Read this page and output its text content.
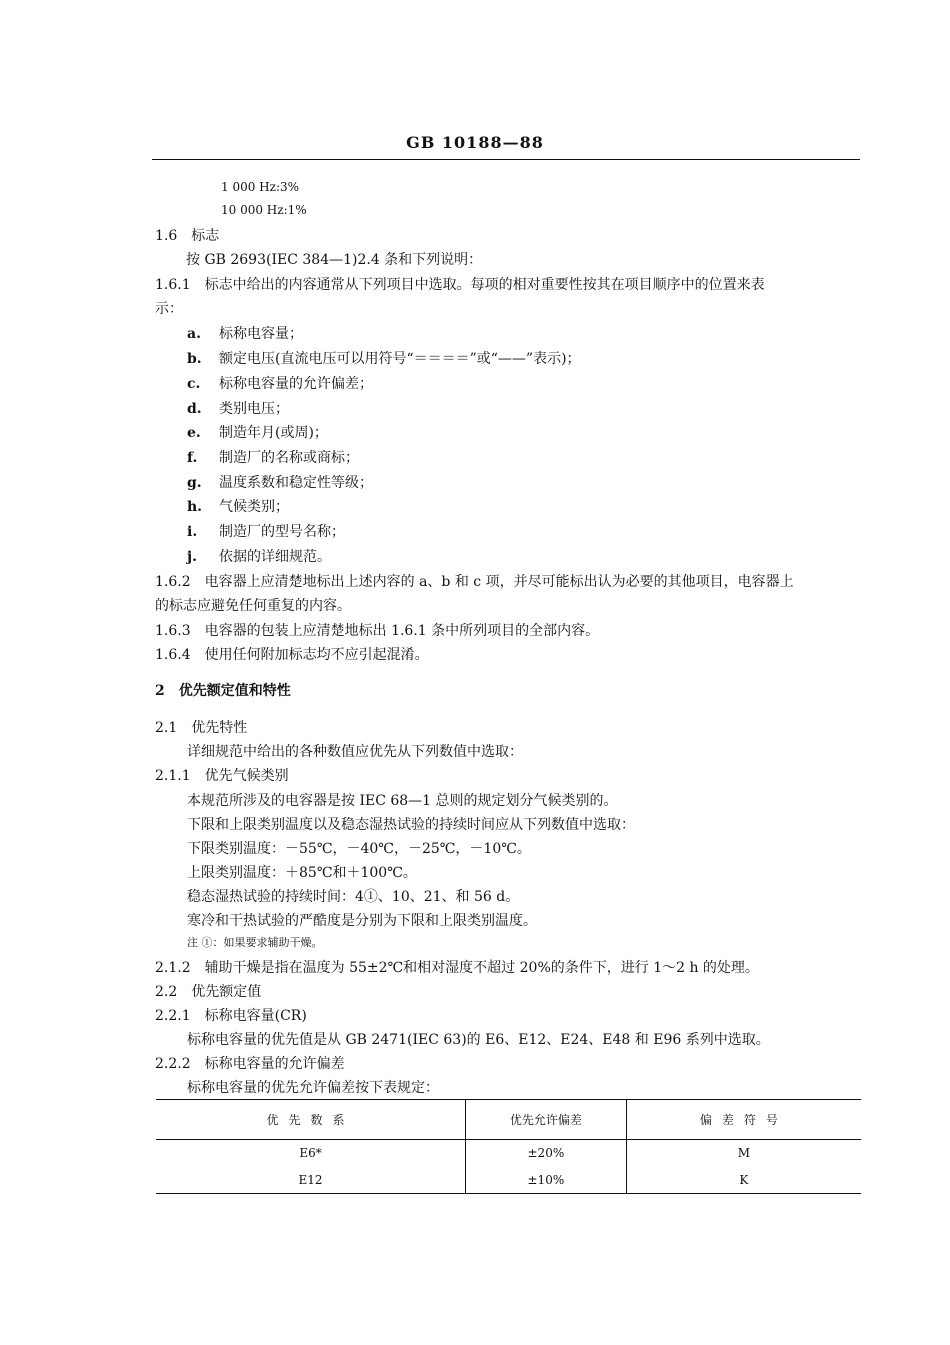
GB 10188—88
1 000 Hz:3%
10 000 Hz:1%
1.6　标志
按 GB 2693(IEC 384—1)2.4 条和下列说明：
1.6.1　标志中给出的内容通常从下列项目中选取。每项的相对重要性按其在项目顺序中的位置来表
示：
a. 标称电容量；
b. 额定电压(直流电压可以用符号“＝＝＝＝”或“——”表示)；
c. 标称电容量的允许偏差；
d. 类别电压；
e. 制造年月(或周)；
f. 制造厂的名称或商标；
g. 温度系数和稳定性等级；
h. 气候类别；
i. 制造厂的型号名称；
j. 依据的详细规范。
1.6.2　电容器上应清楚地标出上述内容的 a、b 和 c 项，并尽可能标出认为必要的其他项目，电容器上
的标志应避免任何重复的内容。
1.6.3　电容器的包装上应清楚地标出 1.6.1 条中所列项目的全部内容。
1.6.4　使用任何附加标志均不应引起混淆。
2　优先额定值和特性
2.1　优先特性
详细规范中给出的各种数值应优先从下列数值中选取：
2.1.1　优先气候类别
本规范所涉及的电容器是按 IEC 68—1 总则的规定划分气候类别的。
下限和上限类别温度以及稳态湿热试验的持续时间应从下列数值中选取：
下限类别温度：－55℃，－40℃，－25℃，－10℃。
上限类别温度：＋85℃和＋100℃。
稳态湿热试验的持续时间：4①、10、21、和 56 d。
寒冷和干热试验的严酷度是分别为下限和上限类别温度。
注 ①：如果要求辅助干燥。
2.1.2　辅助干燥是指在温度为 55±2℃和相对湿度不超过 20%的条件下，进行 1～2 h 的处理。
2.2　优先额定值
2.2.1　标称电容量(CR)
标称电容量的优先值是从 GB 2471(IEC 63)的 E6、E12、E24、E48 和 E96 系列中选取。
2.2.2　标称电容量的允许偏差
标称电容量的优先允许偏差按下表规定：
优先数系	优先允许偏差	偏差符号
E6*	±20%	M
E12	±10%	K
